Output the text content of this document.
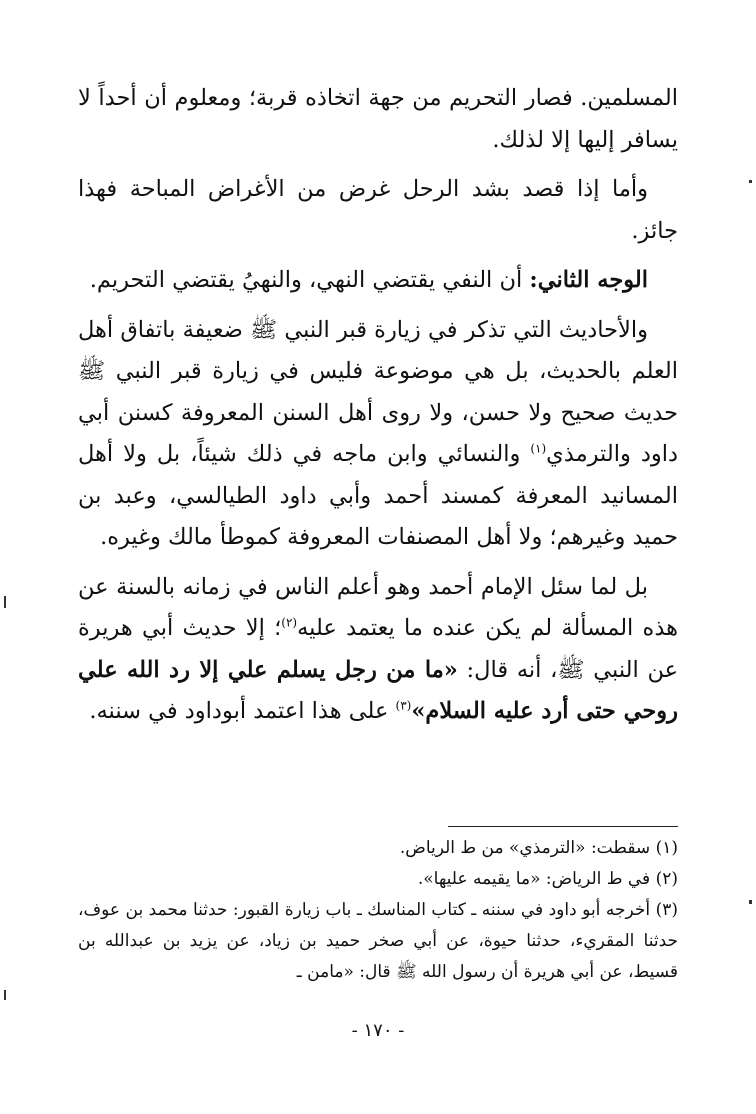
المسلمين. فصار التحريم من جهة اتخاذه قربة؛ ومعلوم أن أحداً لا يسافر إليها إلا لذلك.

وأما إذا قصد بشد الرحل غرض من الأغراض المباحة فهذا جائز.

الوجه الثاني: أن النفي يقتضي النهي، والنهيُ يقتضي التحريم.

والأحاديث التي تذكر في زيارة قبر النبي ﷺ ضعيفة باتفاق أهل العلم بالحديث، بل هي موضوعة فليس في زيارة قبر النبي ﷺ حديث صحيح ولا حسن، ولا روى أهل السنن المعروفة كسنن أبي داود والترمذي$^{(١)}$ والنسائي وابن ماجه في ذلك شيئاً، بل ولا أهل المسانيد المعرفة كمسند أحمد وأبي داود الطيالسي، وعبد بن حميد وغيرهم؛ ولا أهل المصنفات المعروفة كموطأ مالك وغيره.

بل لما سئل الإمام أحمد وهو أعلم الناس في زمانه بالسنة عن هذه المسألة لم يكن عنده ما يعتمد عليه$^{(٢)}$؛ إلا حديث أبي هريرة عن النبي ﷺ، أنه قال: «ما من رجل يسلم علي إلا رد الله علي روحي حتى أرد عليه السلام»$^{(٣)}$ على هذا اعتمد أبوداود في سننه.

(١) سقطت: «الترمذي» من ط الرياض.

(٢) في ط الرياض: «ما يقيمه عليها».

(٣) أخرجه أبو داود في سننه ـ كتاب المناسك ـ باب زيارة القبور: حدثنا محمد بن عوف، حدثنا المقريء، حدثنا حيوة، عن أبي صخر حميد بن زياد، عن يزيد بن عبدالله بن قسيط، عن أبي هريرة أن رسول الله ﷺ قال: «مامن ـ

- ١٧٠ -
